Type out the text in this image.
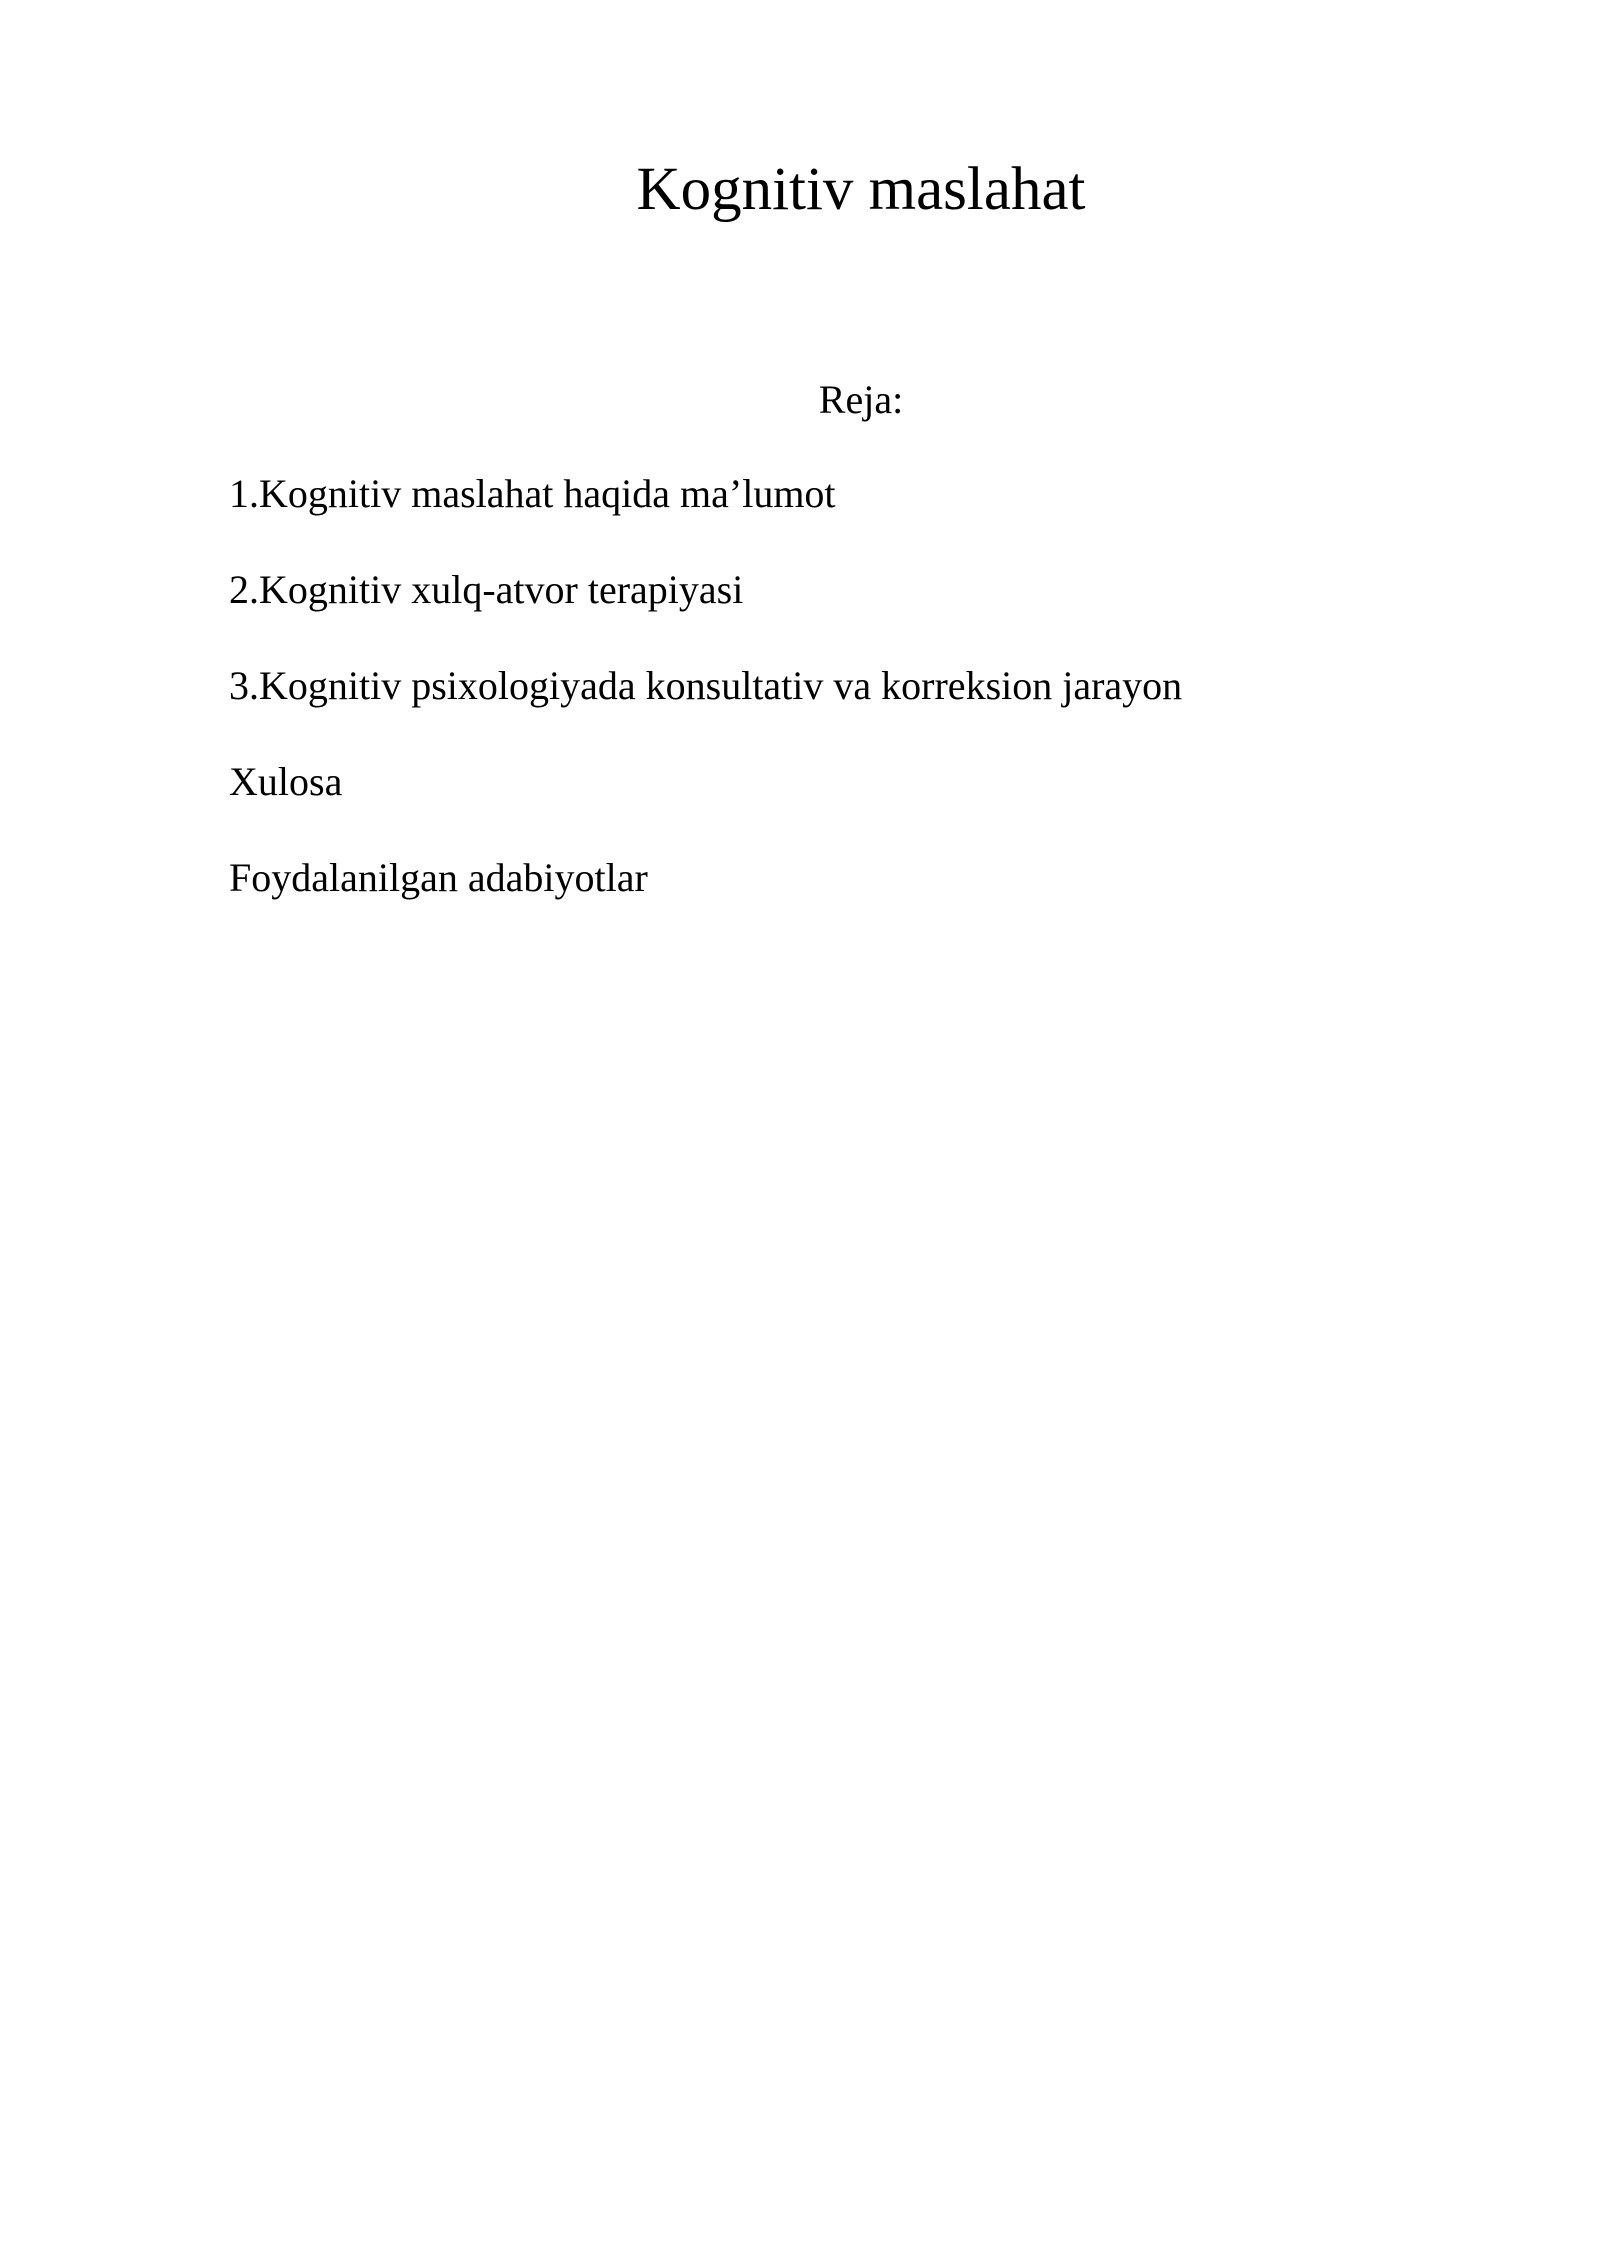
Kognitiv maslahat
Reja:
1.Kognitiv maslahat haqida ma’lumot
2.Kognitiv xulq-atvor terapiyasi
3.Kognitiv psixologiyada konsultativ va korreksion jarayon
Xulosa
Foydalanilgan adabiyotlar
